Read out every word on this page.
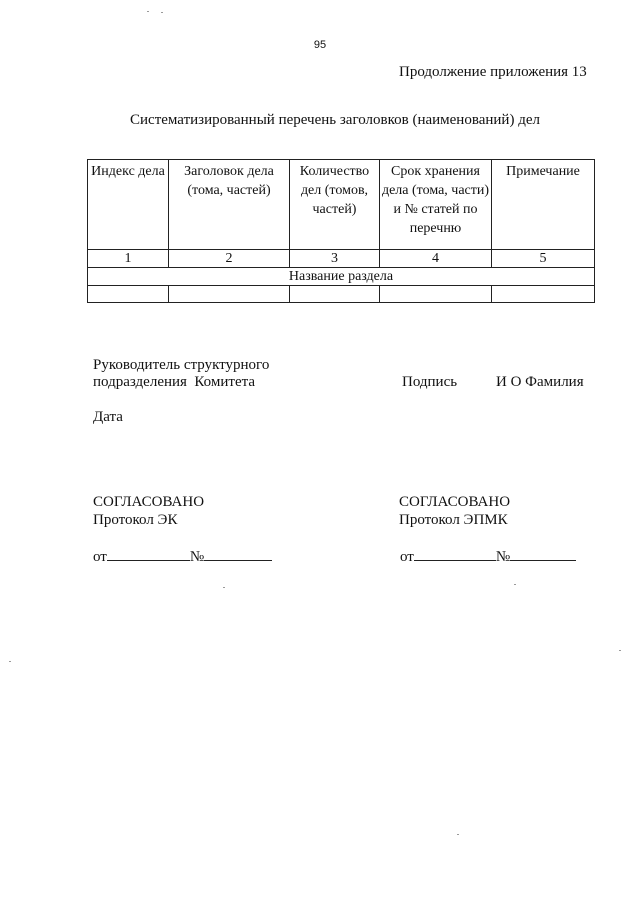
95
Продолжение приложения 13
Систематизированный перечень заголовков (наименований) дел
Индекс дела	Заголовок дела (тома, частей)	Количество дел (томов, частей)	Срок хранения дела (тома, части) и № статей по перечню	Примечание
1	2	3	4	5
Название раздела				

Руководитель структурного
подразделения  Комитета	Подпись	И О Фамилия
Дата
СОГЛАСОВАНО
Протокол ЭК
от	№
СОГЛАСОВАНО
Протокол ЭПМК
от	№
